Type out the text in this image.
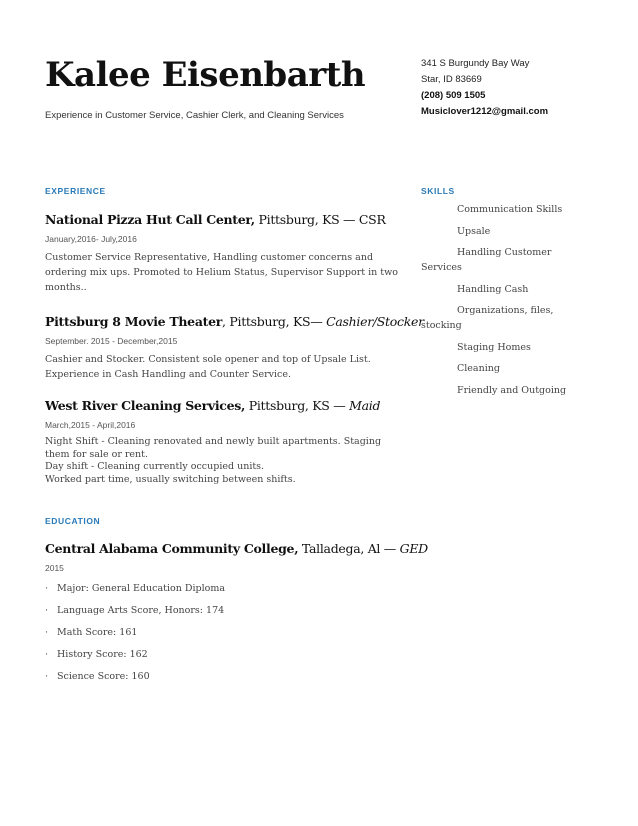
Kalee Eisenbarth
Experience in Customer Service, Cashier Clerk, and Cleaning Services
341 S Burgundy Bay Way
Star, ID 83669
(208) 509 1505
Musiclover1212@gmail.com
EXPERIENCE
National Pizza Hut Call Center, Pittsburg, KS — CSR
January,2016- July,2016
Customer Service Representative, Handling customer concerns and
ordering mix ups. Promoted to Helium Status, Supervisor Support in two
months..
Pittsburg 8 Movie Theater, Pittsburg, KS— Cashier/Stocker
September. 2015 - December,2015
Cashier and Stocker. Consistent sole opener and top of Upsale List.
Experience in Cash Handling and Counter Service.
West River Cleaning Services, Pittsburg, KS — Maid
March,2015 - April,2016
Night Shift - Cleaning renovated and newly built apartments. Staging
them for sale or rent.
Day shift - Cleaning currently occupied units.
Worked part time, usually switching between shifts.
EDUCATION
Central Alabama Community College, Talladega, Al — GED
2015
· Major: General Education Diploma
· Language Arts Score, Honors: 174
· Math Score: 161
· History Score: 162
· Science Score: 160
SKILLS
Communication Skills
Upsale
Handling Customer Services
Handling Cash
Organizations, files, stocking
Staging Homes
Cleaning
Friendly and Outgoing
